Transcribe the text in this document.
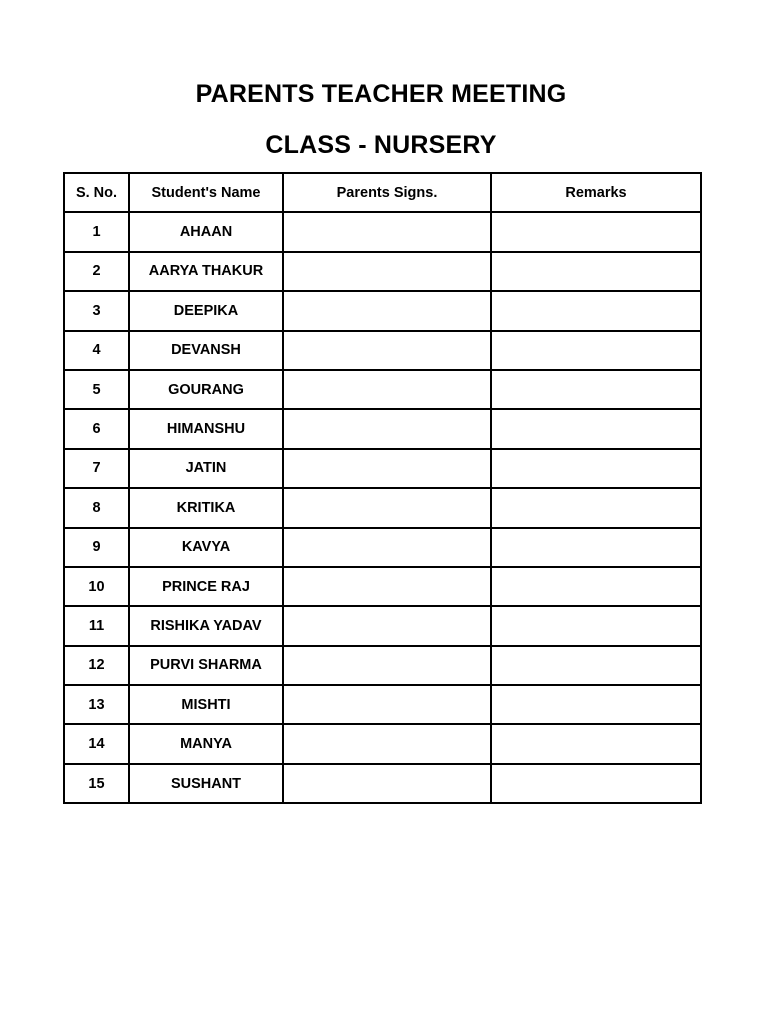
PARENTS TEACHER MEETING
CLASS - NURSERY
S. No.	Student's Name	Parents Signs.	Remarks
1	AHAAN		
2	AARYA THAKUR		
3	DEEPIKA		
4	DEVANSH		
5	GOURANG		
6	HIMANSHU		
7	JATIN		
8	KRITIKA		
9	KAVYA		
10	PRINCE RAJ		
11	RISHIKA YADAV		
12	PURVI SHARMA		
13	MISHTI		
14	MANYA		
15	SUSHANT		
